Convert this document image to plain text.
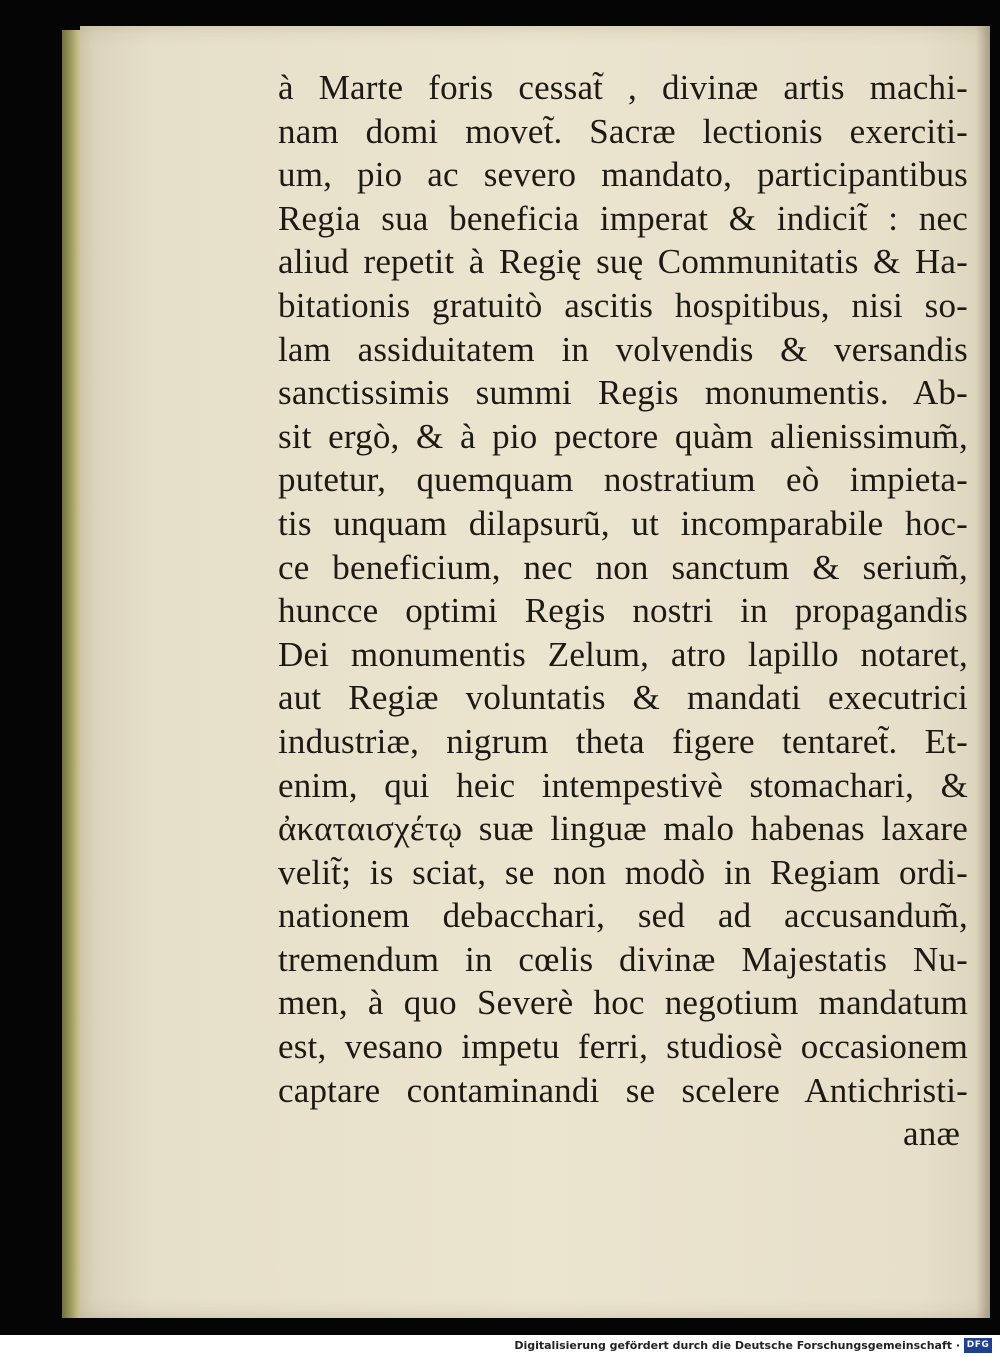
à Marte foris cessat̃ , divinæ artis machi-
nam domi movet̃. Sacræ lectionis exerciti-
um, pio ac severo mandato, participantibus
Regia sua beneficia imperat & indicit̃ : nec
aliud repetit à Regię suę Communitatis & Ha-
bitationis gratuitò ascitis hospitibus, nisi so-
lam assiduitatem in volvendis & versandis
sanctissimis summi Regis monumentis. Ab-
sit ergò, & à pio pectore quàm alienissimum̃,
putetur, quemquam nostratium eò impieta-
tis unquam dilapsurũ, ut incomparabile hoc-
ce beneficium, nec non sanctum & serium̃,
huncce optimi Regis nostri in propagandis
Dei monumentis Zelum, atro lapillo notaret,
aut Regiæ voluntatis & mandati executrici
industriæ, nigrum theta figere tentaret̃. Et-
enim, qui heic intempestivè stomachari, &
ἀκαταισχέτῳ suæ linguæ malo habenas laxare
velit̃; is sciat, se non modò in Regiam ordi-
nationem debacchari, sed ad accusandum̃,
tremendum in cœlis divinæ Majestatis Nu-
men, à quo Severè hoc negotium mandatum
est, vesano impetu ferri, studiosè occasionem
captare contaminandi se scelere Antichristi-
anæ
Digitalisierung gefördert durch die Deutsche Forschungsgemeinschaft · DFG
